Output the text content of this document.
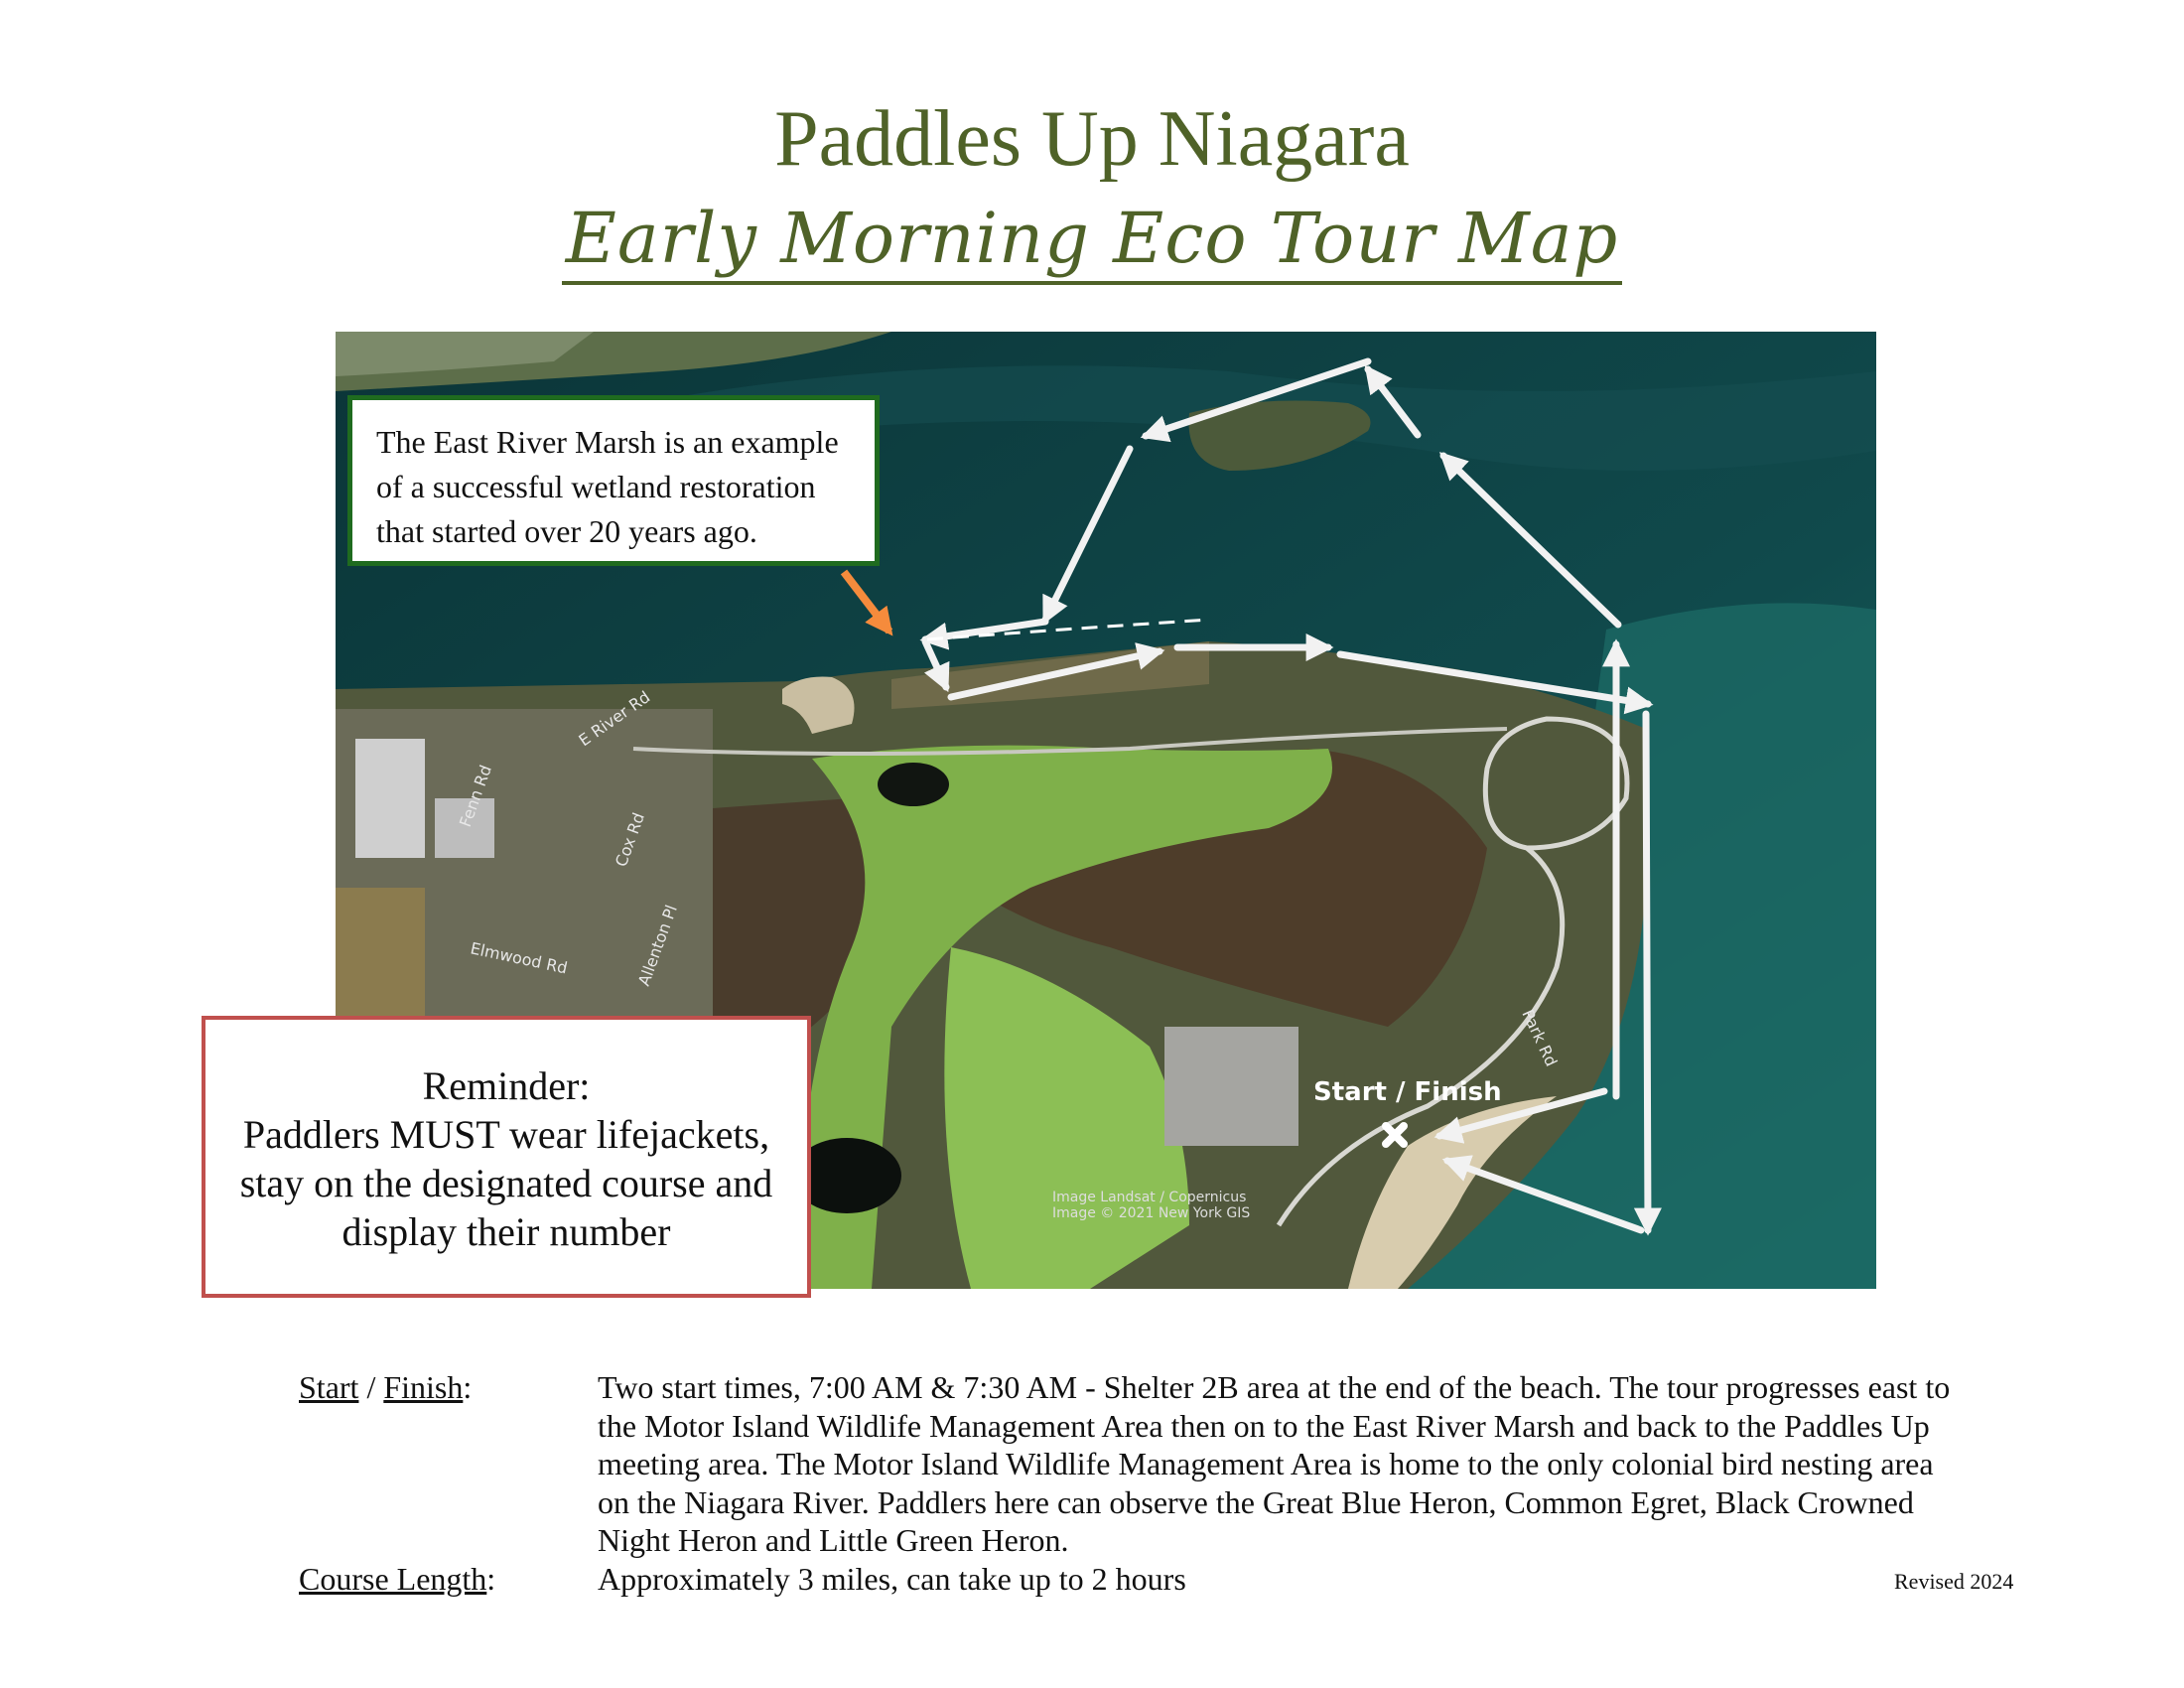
Paddles Up Niagara
Early Morning Eco Tour Map
E River Rd
Fenn Rd
Cox Rd
Elmwood Rd	Allenton Pl
Park Rd
Image Landsat / Copernicus
Image © 2021 New York GIS
Start / Finish
The East River Marsh is an example
of a successful wetland restoration
that started over 20 years ago.
Reminder:
Paddlers MUST wear lifejackets,
stay on the designated course and
display their number
Start / Finish:	Two start times, 7:00 AM & 7:30 AM - Shelter 2B area at the end of the beach. The tour progresses east to
the Motor Island Wildlife Management Area then on to the East River Marsh and back to the Paddles Up
meeting area. The Motor Island Wildlife Management Area is home to the only colonial bird nesting area
on the Niagara River. Paddlers here can observe the Great Blue Heron, Common Egret, Black Crowned
Night Heron and Little Green Heron.
Course Length:	Approximately 3 miles, can take up to 2 hours	Revised 2024
